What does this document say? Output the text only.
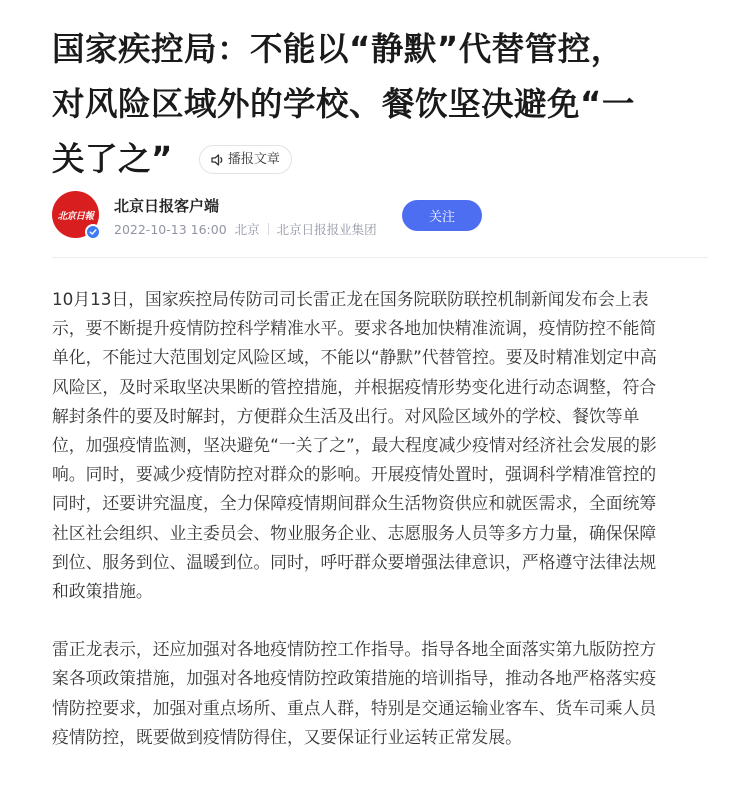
国家疾控局：不能以“静默”代替管控，
对风险区域外的学校、餐饮坚决避免“一
关了之”	播报文章
北京日報
北京日报客户端
2022-10-13 16:00 北京 北京日报报业集团
关注

10月13日，国家疾控局传防司司长雷正龙在国务院联防联控机制新闻发布会上表
示，要不断提升疫情防控科学精准水平。要求各地加快精准流调，疫情防控不能简
单化，不能过大范围划定风险区域，不能以“静默”代替管控。要及时精准划定中高
风险区，及时采取坚决果断的管控措施，并根据疫情形势变化进行动态调整，符合
解封条件的要及时解封，方便群众生活及出行。对风险区域外的学校、餐饮等单
位，加强疫情监测，坚决避免“一关了之”，最大程度减少疫情对经济社会发展的影
响。同时，要减少疫情防控对群众的影响。开展疫情处置时，强调科学精准管控的
同时，还要讲究温度，全力保障疫情期间群众生活物资供应和就医需求，全面统筹
社区社会组织、业主委员会、物业服务企业、志愿服务人员等多方力量，确保保障
到位、服务到位、温暖到位。同时，呼吁群众要增强法律意识，严格遵守法律法规
和政策措施。

雷正龙表示，还应加强对各地疫情防控工作指导。指导各地全面落实第九版防控方
案各项政策措施，加强对各地疫情防控政策措施的培训指导，推动各地严格落实疫
情防控要求，加强对重点场所、重点人群，特别是交通运输业客车、货车司乘人员
疫情防控，既要做到疫情防得住，又要保证行业运转正常发展。
